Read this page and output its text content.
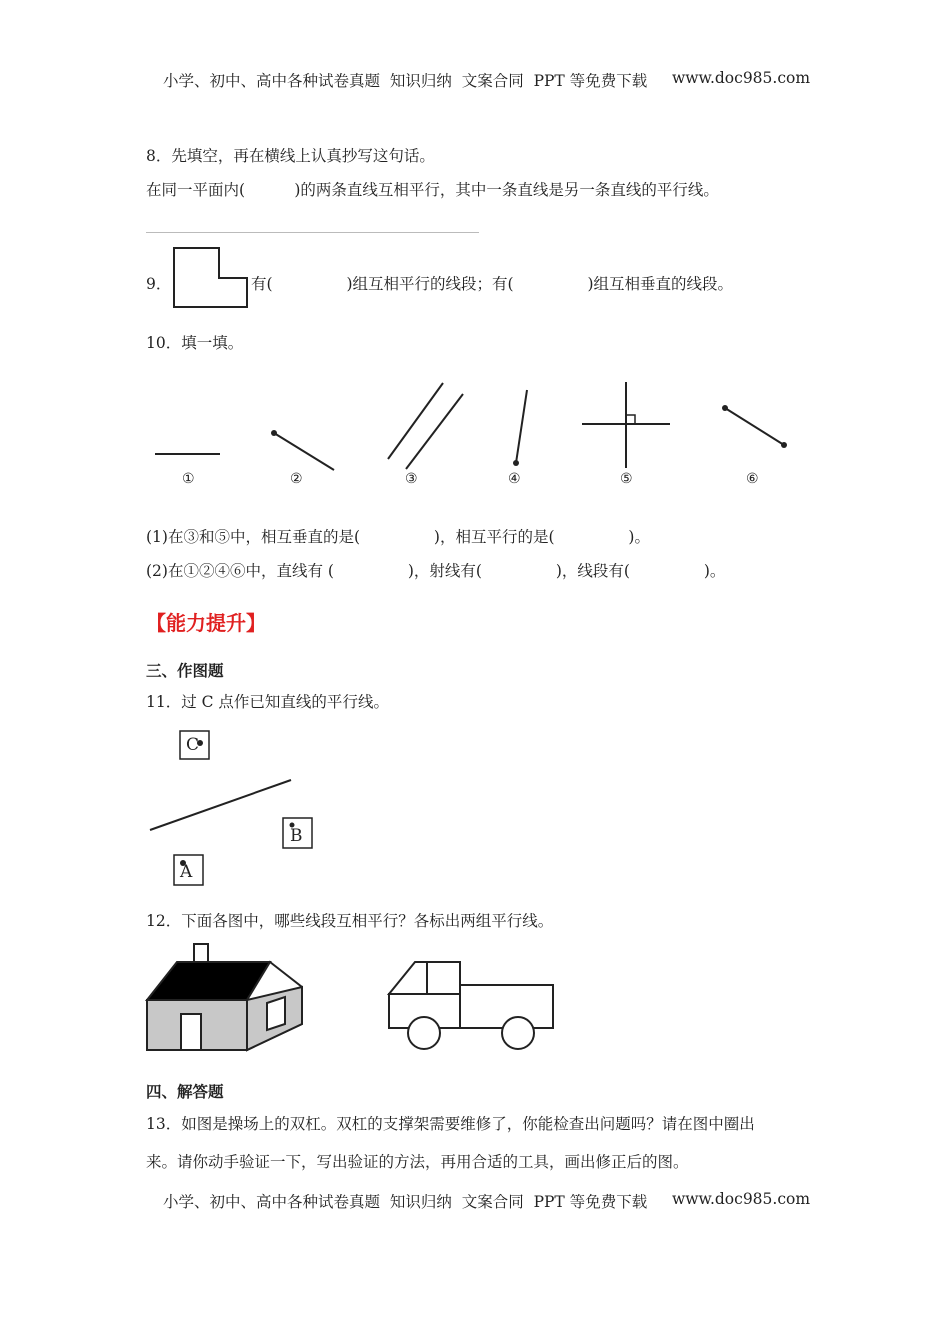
小学、初中、高中各种试卷真题  知识归纳  文案合同  PPT 等免费下载 www.doc985.com
8．先填空，再在横线上认真抄写这句话。
在同一平面内(          )的两条直线互相平行，其中一条直线是另一条直线的平行线。
9．	有(               )组互相平行的线段；有(               )组互相垂直的线段。
10．填一填。
①	②	③	④	⑤	⑥
(1)在③和⑤中，相互垂直的是(               )，相互平行的是(               )。
(2)在①②④⑥中，直线有 (               )，射线有(               )，线段有(               )。
【能力提升】
三、作图题
11．过 C 点作已知直线的平行线。
C
B
A
12．下面各图中，哪些线段互相平行？各标出两组平行线。
四、解答题
13．如图是操场上的双杠。双杠的支撑架需要维修了，你能检查出问题吗？请在图中圈出
来。请你动手验证一下，写出验证的方法，再用合适的工具，画出修正后的图。
小学、初中、高中各种试卷真题  知识归纳  文案合同  PPT 等免费下载 www.doc985.com
